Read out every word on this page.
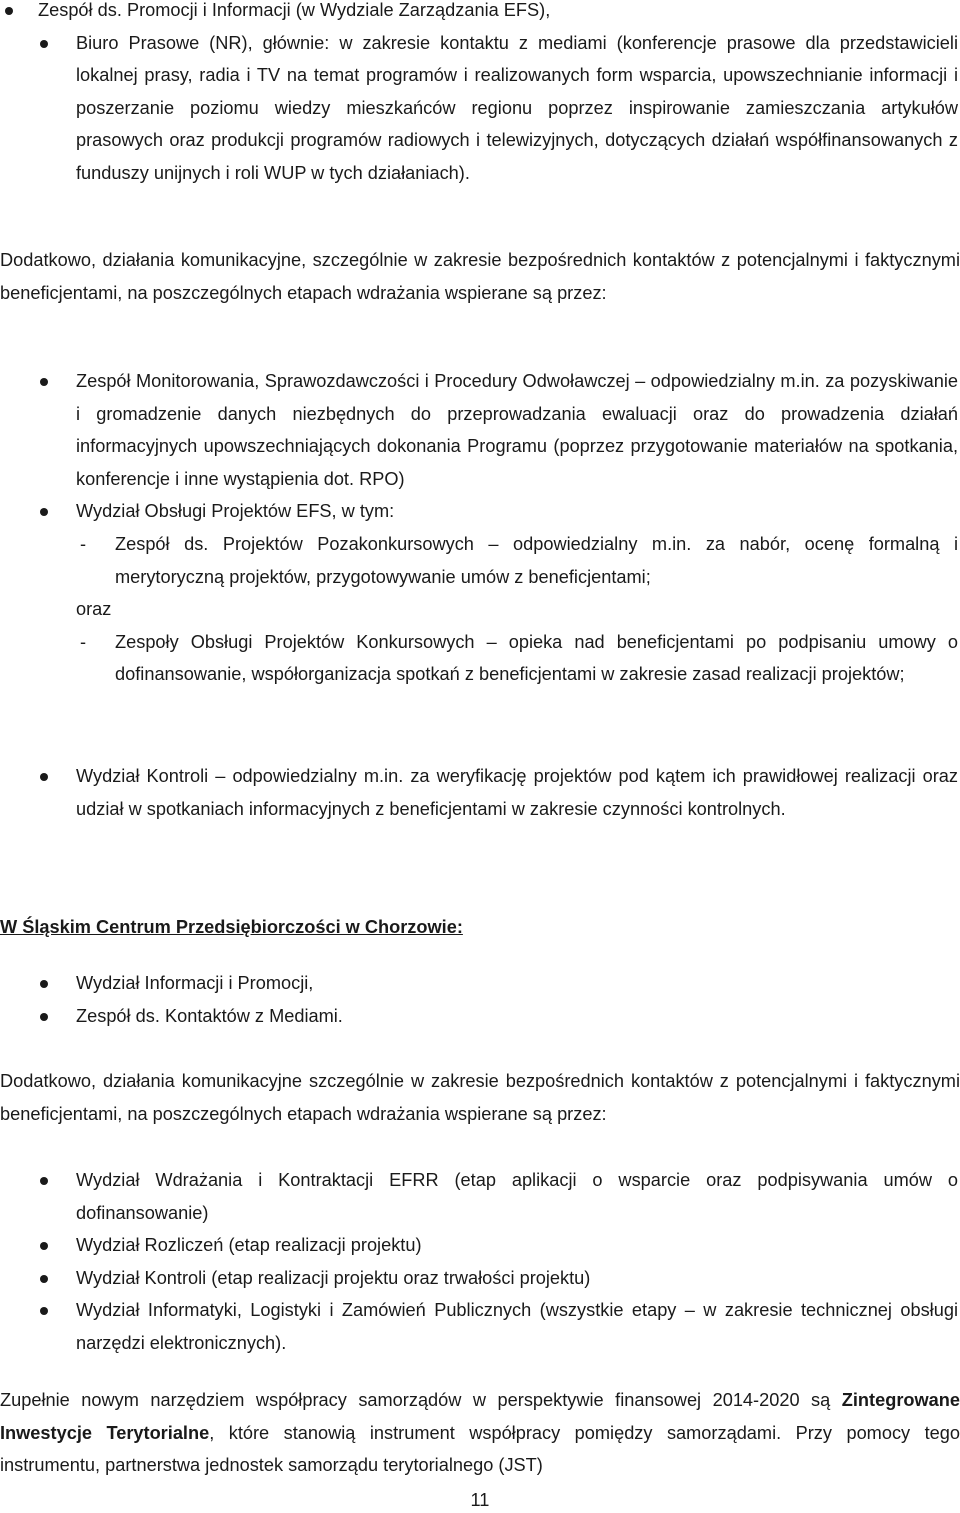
Zespół ds. Promocji i Informacji (w Wydziale Zarządzania EFS),
Biuro Prasowe (NR), głównie: w zakresie kontaktu z mediami (konferencje prasowe dla przedstawicieli lokalnej prasy, radia i TV na temat programów i realizowanych form wsparcia, upowszechnianie informacji i poszerzanie poziomu wiedzy mieszkańców regionu poprzez inspirowanie zamieszczania artykułów prasowych oraz produkcji programów radiowych i telewizyjnych, dotyczących działań współfinansowanych z funduszy unijnych i roli WUP w tych działaniach).

Dodatkowo, działania komunikacyjne, szczególnie w zakresie bezpośrednich kontaktów z potencjalnymi i faktycznymi beneficjentami, na poszczególnych etapach wdrażania wspierane są przez:

Zespół Monitorowania, Sprawozdawczości i Procedury Odwoławczej – odpowiedzialny m.in. za pozyskiwanie i gromadzenie danych niezbędnych do przeprowadzania ewaluacji oraz do prowadzenia działań informacyjnych upowszechniających dokonania Programu (poprzez przygotowanie materiałów na spotkania, konferencje i inne wystąpienia dot. RPO)
Wydział Obsługi Projektów EFS, w tym:
- Zespół ds. Projektów Pozakonkursowych – odpowiedzialny m.in. za nabór, ocenę formalną i merytoryczną projektów, przygotowywanie umów z beneficjentami;
oraz
- Zespoły Obsługi Projektów Konkursowych – opieka nad beneficjentami po podpisaniu umowy o dofinansowanie, współorganizacja spotkań z beneficjentami w zakresie zasad realizacji projektów;
Wydział Kontroli – odpowiedzialny m.in. za weryfikację projektów pod kątem ich prawidłowej realizacji oraz udział w spotkaniach informacyjnych z beneficjentami w zakresie czynności kontrolnych.
W Śląskim Centrum Przedsiębiorczości w Chorzowie:
Wydział Informacji i Promocji,
Zespół ds. Kontaktów z Mediami.

Dodatkowo, działania komunikacyjne szczególnie w zakresie bezpośrednich kontaktów z potencjalnymi i faktycznymi beneficjentami, na poszczególnych etapach wdrażania wspierane są przez:

Wydział Wdrażania i Kontraktacji EFRR (etap aplikacji o wsparcie oraz podpisywania umów o dofinansowanie)
Wydział Rozliczeń (etap realizacji projektu)
Wydział Kontroli (etap realizacji projektu oraz trwałości projektu)
Wydział Informatyki, Logistyki i Zamówień Publicznych (wszystkie etapy – w zakresie technicznej obsługi narzędzi elektronicznych).

Zupełnie nowym narzędziem współpracy samorządów w perspektywie finansowej 2014-2020 są Zintegrowane Inwestycje Terytorialne, które stanowią instrument współpracy pomiędzy samorządami. Przy pomocy tego instrumentu, partnerstwa jednostek samorządu terytorialnego (JST)

11
